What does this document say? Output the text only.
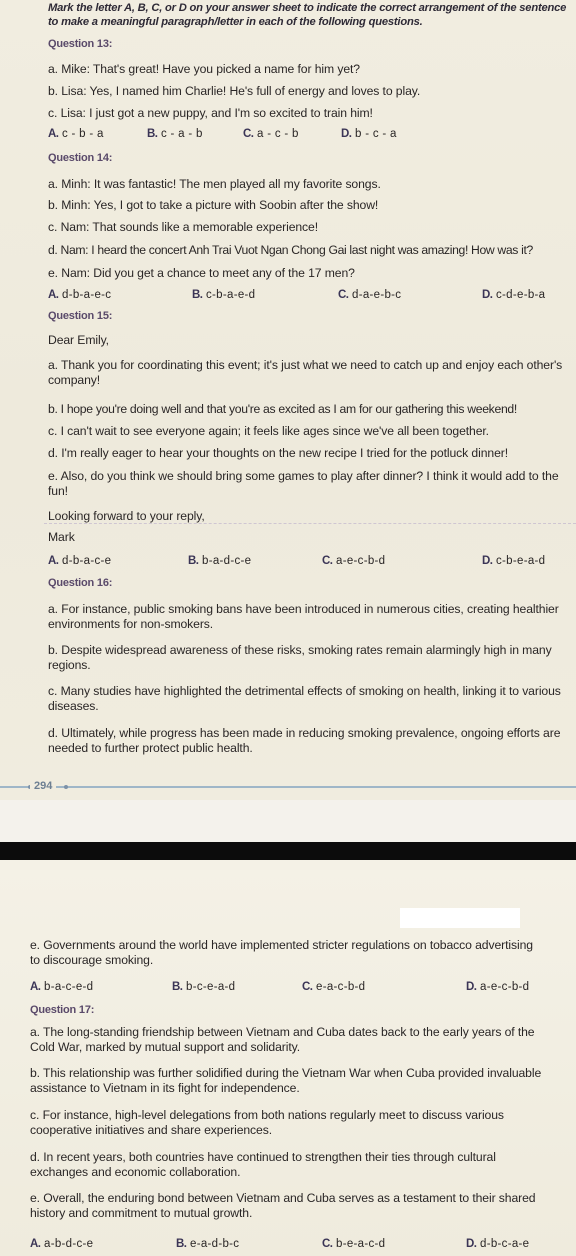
Mark the letter A, B, C, or D on your answer sheet to indicate the correct arrangement of the sentence to make a meaningful paragraph/letter in each of the following questions.
Question 13:
a. Mike: That's great! Have you picked a name for him yet?
b. Lisa: Yes, I named him Charlie! He's full of energy and loves to play.
c. Lisa: I just got a new puppy, and I'm so excited to train him!
A. c - b - a	B. c - a - b	C. a - c - b	D. b - c - a
Question 14:
a. Minh: It was fantastic! The men played all my favorite songs.
b. Minh: Yes, I got to take a picture with Soobin after the show!
c. Nam: That sounds like a memorable experience!
d. Nam: I heard the concert Anh Trai Vuot Ngan Chong Gai last night was amazing! How was it?
e. Nam: Did you get a chance to meet any of the 17 men?
A. d-b-a-e-c	B. c-b-a-e-d	C. d-a-e-b-c	D. c-d-e-b-a
Question 15:
Dear Emily,
a. Thank you for coordinating this event; it's just what we need to catch up and enjoy each other's company!
b. I hope you're doing well and that you're as excited as I am for our gathering this weekend!
c. I can't wait to see everyone again; it feels like ages since we've all been together.
d. I'm really eager to hear your thoughts on the new recipe I tried for the potluck dinner!
e. Also, do you think we should bring some games to play after dinner? I think it would add to the fun!
Looking forward to your reply,
Mark
A. d-b-a-c-e	B. b-a-d-c-e	C. a-e-c-b-d	D. c-b-e-a-d
Question 16:
a. For instance, public smoking bans have been introduced in numerous cities, creating healthier environments for non-smokers.
b. Despite widespread awareness of these risks, smoking rates remain alarmingly high in many regions.
c. Many studies have highlighted the detrimental effects of smoking on health, linking it to various diseases.
d. Ultimately, while progress has been made in reducing smoking prevalence, ongoing efforts are needed to further protect public health.
294
e. Governments around the world have implemented stricter regulations on tobacco advertising to discourage smoking.
A. b-a-c-e-d	B. b-c-e-a-d	C. e-a-c-b-d	D. a-e-c-b-d
Question 17:
a. The long-standing friendship between Vietnam and Cuba dates back to the early years of the Cold War, marked by mutual support and solidarity.
b. This relationship was further solidified during the Vietnam War when Cuba provided invaluable assistance to Vietnam in its fight for independence.
c. For instance, high-level delegations from both nations regularly meet to discuss various cooperative initiatives and share experiences.
d. In recent years, both countries have continued to strengthen their ties through cultural exchanges and economic collaboration.
e. Overall, the enduring bond between Vietnam and Cuba serves as a testament to their shared history and commitment to mutual growth.
A. a-b-d-c-e	B. e-a-d-b-c	C. b-e-a-c-d	D. d-b-c-a-e
